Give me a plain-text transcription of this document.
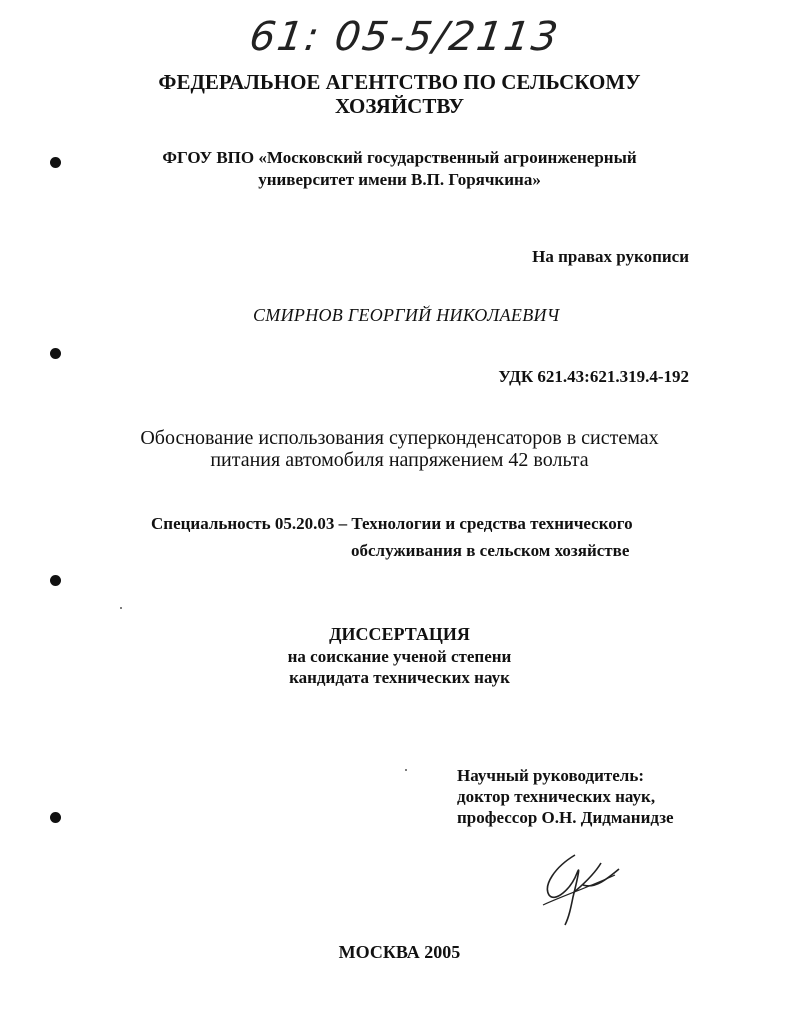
61: 05-5/2113
ФЕДЕРАЛЬНОЕ АГЕНТСТВО ПО СЕЛЬСКОМУ
ХОЗЯЙСТВУ
ФГОУ ВПО «Московский государственный агроинженерный
университет имени В.П. Горячкина»
На правах рукописи
СМИРНОВ ГЕОРГИЙ НИКОЛАЕВИЧ
УДК 621.43:621.319.4-192
Обоснование использования суперконденсаторов в системах
питания автомобиля напряжением 42 вольта
Специальность 05.20.03 – Технологии и средства технического
обслуживания в сельском хозяйстве
ДИССЕРТАЦИЯ
на соискание ученой степени
кандидата технических наук
Научный руководитель:
доктор технических наук,
профессор О.Н. Дидманидзе
МОСКВА 2005
